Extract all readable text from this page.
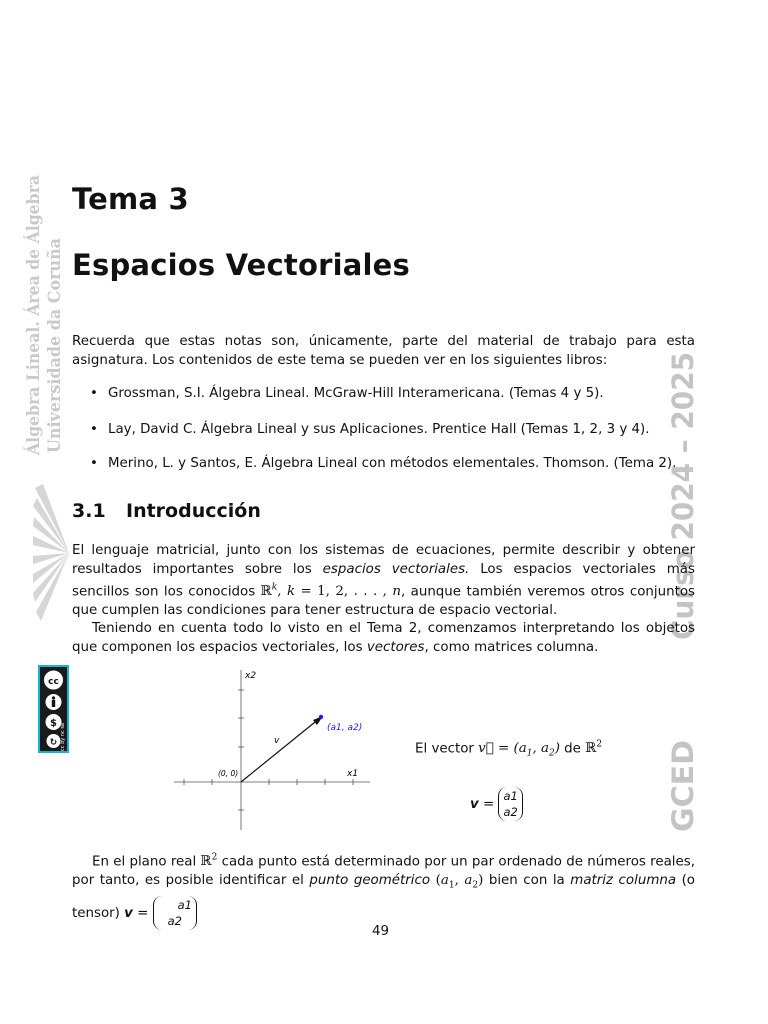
Álgebra Lineal. Área de Álgebra Universidade da Coruña	Curso 2024 – 2025
GCED
cc
$
↻ cc by nc sa
Tema 3
Espacios Vectoriales
Recuerda que estas notas son, únicamente, parte del material de trabajo para esta asignatura. Los contenidos de este tema se pueden ver en los siguientes libros:
• Grossman, S.I. Álgebra Lineal. McGraw-Hill Interamericana. (Temas 4 y 5).
• Lay, David C. Álgebra Lineal y sus Aplicaciones. Prentice Hall (Temas 1, 2, 3 y 4).
• Merino, L. y Santos, E. Álgebra Lineal con métodos elementales. Thomson. (Tema 2).
3.1 Introducción
El lenguaje matricial, junto con los sistemas de ecuaciones, permite describir y obtener resultados importantes sobre los espacios vectoriales. Los espacios vectoriales más sencillos son los conocidos ℝ$^k$, k = 1, 2, . . . , n, aunque también veremos otros conjuntos que cumplen las condiciones para tener estructura de espacio vectorial.
Teniendo en cuenta todo lo visto en el Tema 2, comenzamos interpretando los objetos que componen los espacios vectoriales, los vectores, como matrices columna.
x2
x1
(0, 0)
(a1, a2)
v
El vector v⃗ = ($a_1$, $a_2$) de ℝ$^2$
v = a1
a2
En el plano real ℝ$^2$ cada punto está determinado por un par ordenado de números reales, por tanto, es posible identificar el punto geométrico ($a_1$, $a_2$) bien con la matriz columna (o tensor) v = a1
a2
49
